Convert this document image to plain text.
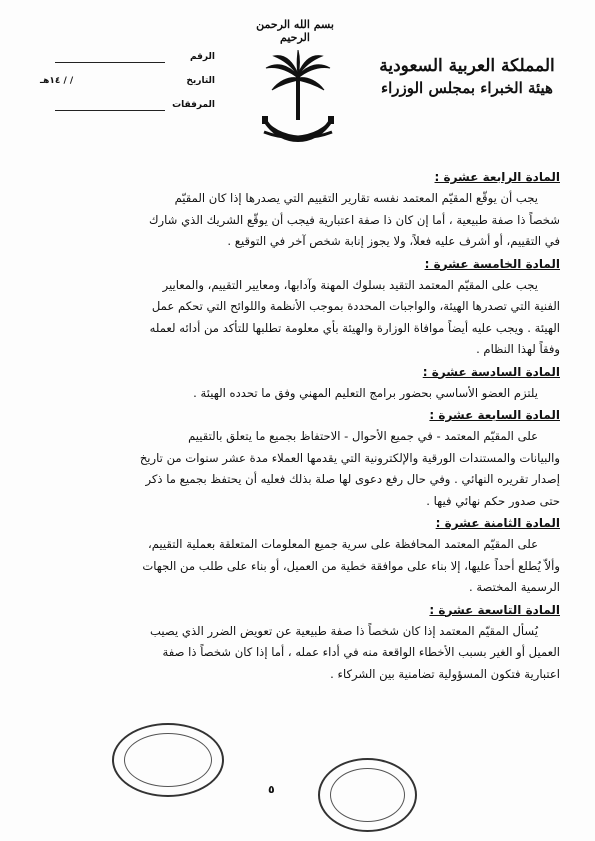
بسم الله الرحمن الرحيم
المملكة العربية السعودية
هيئة الخبراء بمجلس الوزراء
الرقم
التاريخ
/ / ١٤هـ
المرفقات
المادة الرابعة عشرة :
يجب أن يوقّع المقيّم المعتمد نفسه تقارير التقييم التي يصدرها إذا كان المقيّم
شخصاً ذا صفة طبيعية ، أما إن كان ذا صفة اعتبارية فيجب أن يوقّع الشريك الذي شارك
في التقييم، أو أشرف عليه فعلاً، ولا يجوز إنابة شخص آخر في التوقيع .
المادة الخامسة عشرة :
يجب على المقيّم المعتمد التقيد بسلوك المهنة وآدابها، ومعايير التقييم، والمعايير
الفنية التي تصدرها الهيئة، والواجبات المحددة بموجب الأنظمة واللوائح التي تحكم عمل
الهيئة . ويجب عليه أيضاً موافاة الوزارة والهيئة بأي معلومة تطلبها للتأكد من أدائه لعمله
وفقاً لهذا النظام .
المادة السادسة عشرة :
يلتزم العضو الأساسي بحضور برامج التعليم المهني وفق ما تحدده الهيئة .
المادة السابعة عشرة :
على المقيّم المعتمد - في جميع الأحوال - الاحتفاظ بجميع ما يتعلق بالتقييم
والبيانات والمستندات الورقية والإلكترونية التي يقدمها العملاء مدة عشر سنوات من تاريخ
إصدار تقريره النهائي . وفي حال رفع دعوى لها صلة بذلك فعليه أن يحتفظ بجميع ما ذكر
حتى صدور حكم نهائي فيها .
المادة الثامنة عشرة :
على المقيّم المعتمد المحافظة على سرية جميع المعلومات المتعلقة بعملية التقييم،
وألاّ يُطلع أحداً عليها، إلا بناء على موافقة خطية من العميل، أو بناء على طلب من الجهات
الرسمية المختصة .
المادة التاسعة عشرة :
يُسأل المقيّم المعتمد إذا كان شخصاً ذا صفة طبيعية عن تعويض الضرر الذي يصيب
العميل أو الغير بسبب الأخطاء الواقعة منه في أداء عمله ، أما إذا كان شخصاً ذا صفة
اعتبارية فتكون المسؤولية تضامنية بين الشركاء .
٥
